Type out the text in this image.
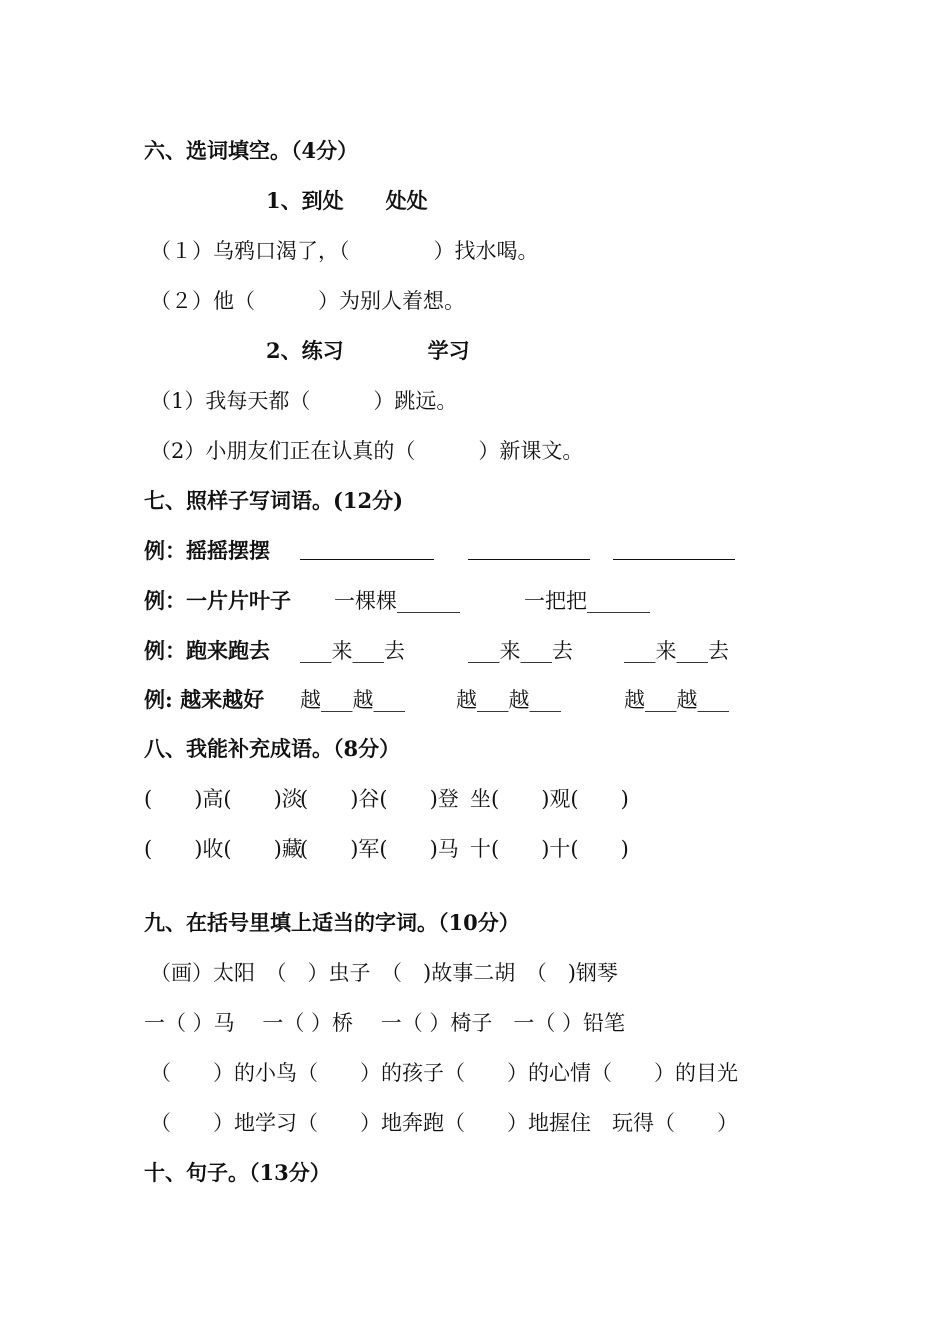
六、选词填空。（4分）
1、到处　　处处
（１）乌鸦口渴了，（　　　　）找水喝。
（２）他（　　　）为别人着想。
2、练习　　　　学习
（1）我每天都（　　　）跳远。
（2）小朋友们正在认真的（　　　）新课文。
七、照样子写词语。(12分)
例：摇摇摆摆
例：一片片叶子 一棵棵______	一把把______
例：跑来跑去 ___来___去	___来___去 ___来___去
例: 越来越好 越___越___ 越___越___	越___越___
八、我能补充成语。（8分）
(　　)高(　　)淡
(　　)谷(　　)登 坐(　　)观(　　)
(　　)收(　　)藏
(　　)军(　　)马 十(　　)十(　　)
九、在括号里填上适当的字词。（10分）
（画）太阳　（　）虫子　（　)故事二胡　（　)钢琴
一（ ）马　 一（ ）桥　 一（ ）椅子　一（ ）铅笔
（　　）的小鸟（　　）的孩子（　　）的心情（　　）的目光
（　　）地学习（　　）地奔跑（　　）地握住　玩得（　　）
十、句子。（13分）
